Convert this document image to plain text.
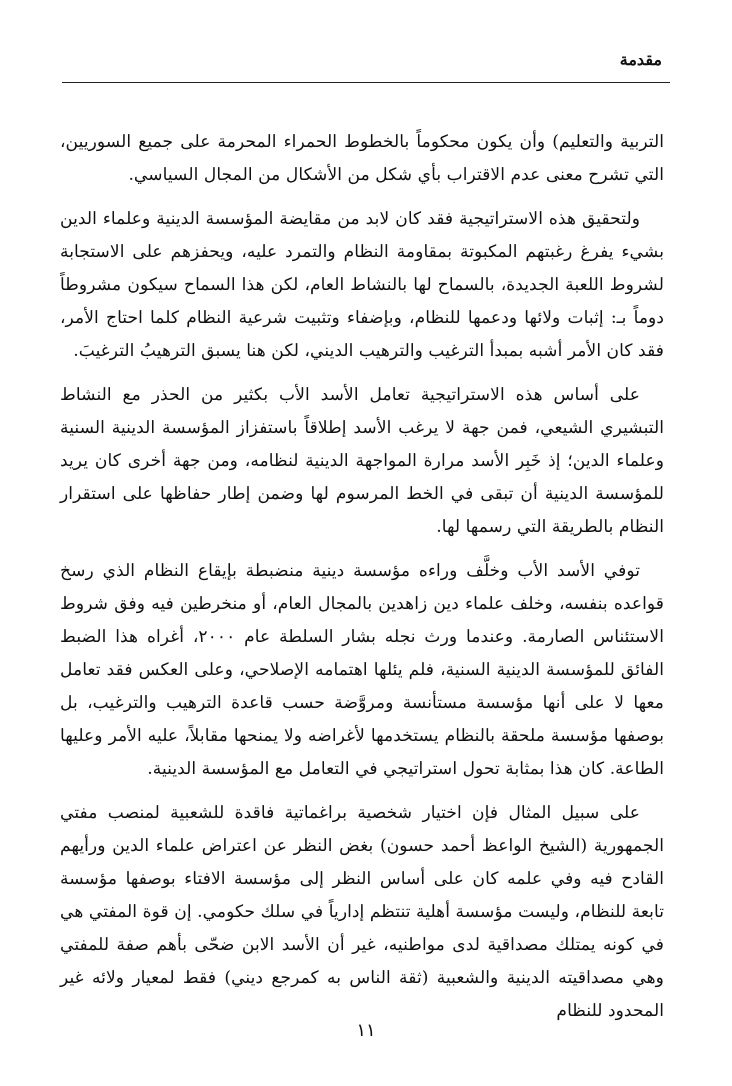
مقدمة

التربية والتعليم) وأن يكون محكوماً بالخطوط الحمراء المحرمة على جميع السوريين، التي تشرح معنى عدم الاقتراب بأي شكل من الأشكال من المجال السياسي.

ولتحقيق هذه الاستراتيجية فقد كان لابد من مقايضة المؤسسة الدينية وعلماء الدين بشيء يفرغ رغبتهم المكبوتة بمقاومة النظام والتمرد عليه، ويحفزهم على الاستجابة لشروط اللعبة الجديدة، بالسماح لها بالنشاط العام، لكن هذا السماح سيكون مشروطاً دوماً بـ: إثبات ولائها ودعمها للنظام، وبإضفاء وتثبيت شرعية النظام كلما احتاج الأمر، فقد كان الأمر أشبه بمبدأ الترغيب والترهيب الديني، لكن هنا يسبق الترهيبُ الترغيبَ.

على أساس هذه الاستراتيجية تعامل الأسد الأب بكثير من الحذر مع النشاط التبشيري الشيعي، فمن جهة لا يرغب الأسد إطلاقاً باستفزاز المؤسسة الدينية السنية وعلماء الدين؛ إذ خَبِر الأسد مرارة المواجهة الدينية لنظامه، ومن جهة أخرى كان يريد للمؤسسة الدينية أن تبقى في الخط المرسوم لها وضمن إطار حفاظها على استقرار النظام بالطريقة التي رسمها لها.

توفي الأسد الأب وخلَّف وراءه مؤسسة دينية منضبطة بإيقاع النظام الذي رسخ قواعده بنفسه، وخلف علماء دين زاهدين بالمجال العام، أو منخرطين فيه وفق شروط الاستئناس الصارمة. وعندما ورث نجله بشار السلطة عام ٢٠٠٠، أغراه هذا الضبط الفائق للمؤسسة الدينية السنية، فلم يئلها اهتمامه الإصلاحي، وعلى العكس فقد تعامل معها لا على أنها مؤسسة مستأنسة ومروَّضة حسب قاعدة الترهيب والترغيب، بل بوصفها مؤسسة ملحقة بالنظام يستخدمها لأغراضه ولا يمنحها مقابلاً، عليه الأمر وعليها الطاعة. كان هذا بمثابة تحول استراتيجي في التعامل مع المؤسسة الدينية.

على سبيل المثال فإن اختيار شخصية براغماتية فاقدة للشعبية لمنصب مفتي الجمهورية (الشيخ الواعظ أحمد حسون) بغض النظر عن اعتراض علماء الدين ورأيهم القادح فيه وفي علمه كان على أساس النظر إلى مؤسسة الافتاء بوصفها مؤسسة تابعة للنظام، وليست مؤسسة أهلية تنتظم إدارياً في سلك حكومي. إن قوة المفتي هي في كونه يمتلك مصداقية لدى مواطنيه، غير أن الأسد الابن ضحّى بأهم صفة للمفتي وهي مصداقيته الدينية والشعبية (ثقة الناس به كمرجع ديني) فقط لمعيار ولائه غير المحدود للنظام

١١
